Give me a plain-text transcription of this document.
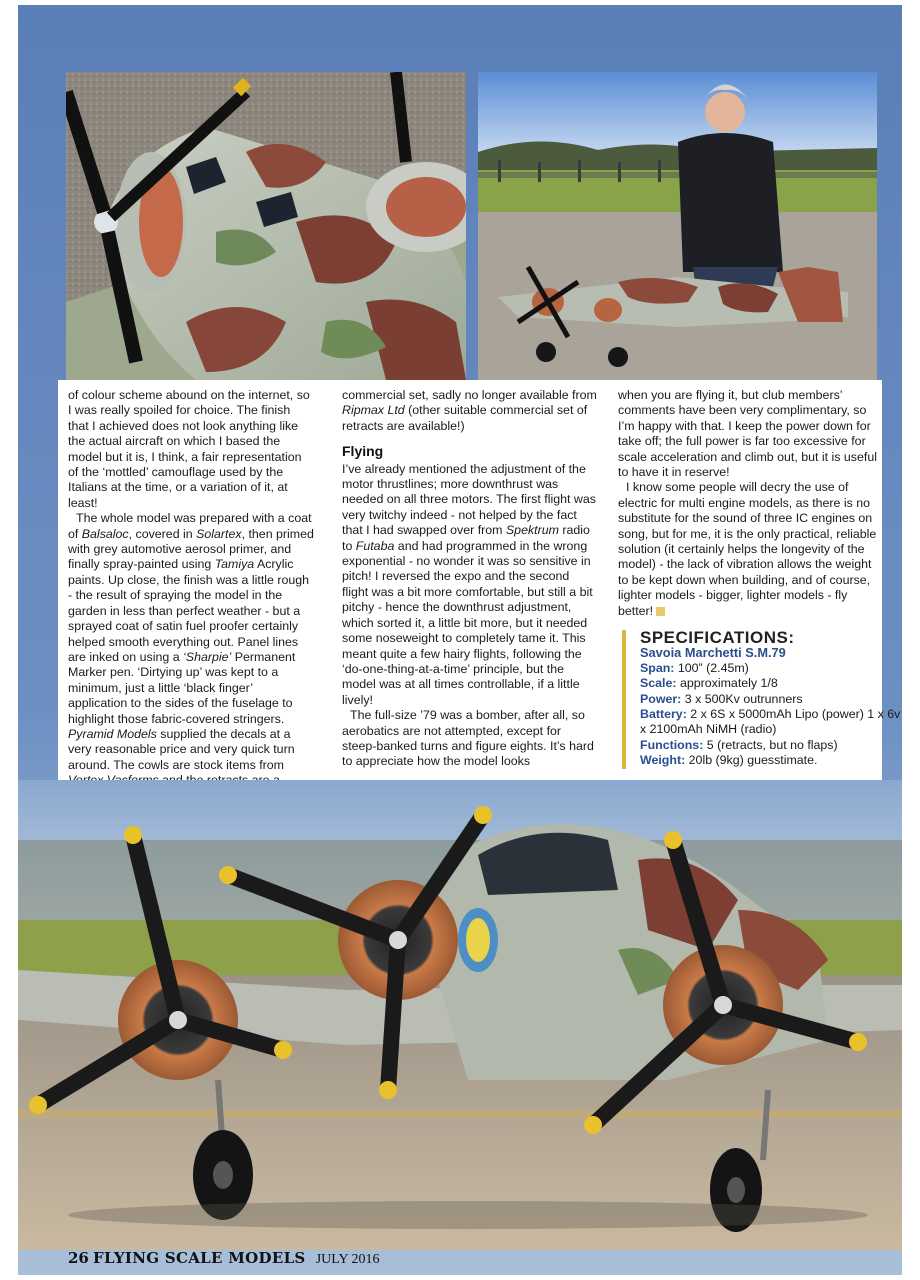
of colour scheme abound on the internet, so I was really spoiled for choice. The finish that I achieved does not look anything like the actual aircraft on which I based the model but it is, I think, a fair representation of the ‘mottled’ camouflage used by the Italians at the time, or a variation of it, at least!

The whole model was prepared with a coat of Balsaloc, covered in Solartex, then primed with grey automotive aerosol primer, and finally spray-painted using Tamiya Acrylic paints. Up close, the finish was a little rough - the result of spraying the model in the garden in less than perfect weather - but a sprayed coat of satin fuel proofer certainly helped smooth everything out. Panel lines are inked on using a ‘Sharpie’ Permanent Marker pen. ‘Dirtying up’ was kept to a minimum, just a little ‘black finger’ application to the sides of the fuselage to highlight those fabric-covered stringers. Pyramid Models supplied the decals at a very reasonable price and very quick turn around. The cowls are stock items from

commercial set, sadly no longer available from Ripmax Ltd (other suitable commercial set of retracts are available!)

Flying

I’ve already mentioned the adjustment of the motor thrustlines; more downthrust was needed on all three motors. The first flight was very twitchy indeed - not helped by the fact that I had swapped over from Spektrum radio to Futaba and had programmed in the wrong exponential - no wonder it was so sensitive in pitch! I reversed the expo and the second flight was a bit more comfortable, but still a bit pitchy - hence the downthrust adjustment, which sorted it, a little bit more, but it needed some noseweight to completely tame it. This meant quite a few hairy flights, following the ‘do-one-thing-at-a-time’ principle, but the model was at all times controllable, if a little lively!

The full-size ’79 was a bomber, after all, so aerobatics are not attempted, except for steep-banked turns and figure eights. It’s hard to appreciate how the model looks

when you are flying it, but club members’ comments have been very complimentary, so I’m happy with that. I keep the power down for take off; the full power is far too excessive for scale acceleration and climb out, but it is useful to have it in reserve!

I know some people will decry the use of electric for multi engine models, as there is no substitute for the sound of three IC engines on song, but for me, it is the only practical, reliable solution (it certainly helps the longevity of the model) - the lack of vibration allows the weight to be kept down when building, and of course, lighter models - bigger, lighter models - fly better!

SPECIFICATIONS:
Savoia Marchetti S.M.79
Span: 100” (2.45m)
Scale: approximately 1/8
Power: 3 x 500Kv outrunners
Battery: 2 x 6S x 5000mAh Lipo (power) 1 x 6v x 2100mAh NiMH (radio)
Functions: 5 (retracts, but no flaps)
Weight: 20lb (9kg) guesstimate.
26 FLYING SCALE MODELS JULY 2016
